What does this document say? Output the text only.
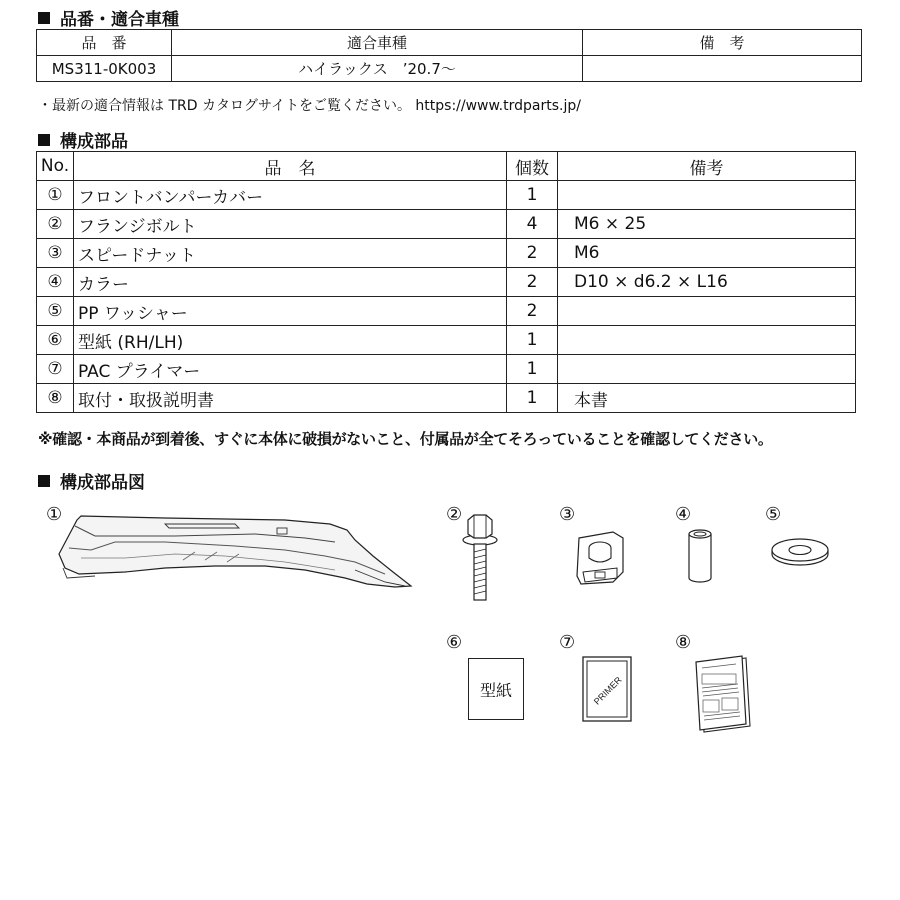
品番・適合車種
品　番	適合車種	備　考
MS311-0K003	ハイラックス　’20.7～	
・最新の適合情報は TRD カタログサイトをご覧ください。 https://www.trdparts.jp/
構成部品
No.	品　名	個数	備考
①	フロントバンパーカバー	1	
②	フランジボルト	4	M6 × 25
③	スピードナット	2	M6
④	カラー	2	D10 × d6.2 × L16
⑤	PP ワッシャー	2	
⑥	型紙 (RH/LH)	1	
⑦	PAC プライマー	1	
⑧	取付・取扱説明書	1	本書
※確認・本商品が到着後、すぐに本体に破損がないこと、付属品が全てそろっていることを確認してください。
構成部品図
①	②	③	④	⑤
⑥	⑦	⑧
型紙	PRIMER
